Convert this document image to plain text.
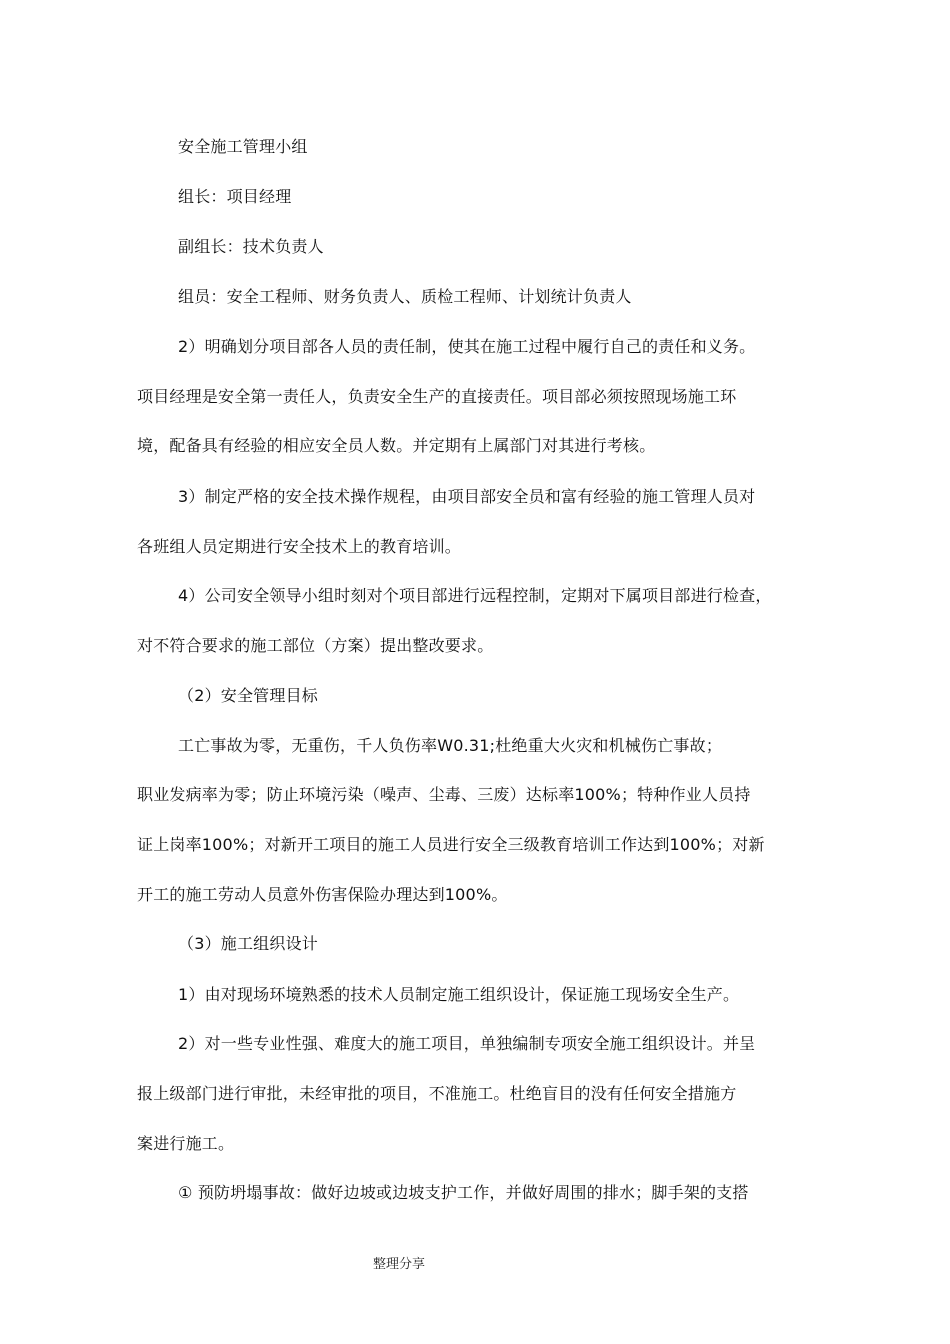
安全施工管理小组
组长：项目经理
副组长：技术负责人
组员：安全工程师、财务负责人、质检工程师、计划统计负责人
2）明确划分项目部各人员的责任制，使其在施工过程中履行自己的责任和义务。
项目经理是安全第一责任人，负责安全生产的直接责任。项目部必须按照现场施工环
境，配备具有经验的相应安全员人数。并定期有上属部门对其进行考核。
3）制定严格的安全技术操作规程，由项目部安全员和富有经验的施工管理人员对
各班组人员定期进行安全技术上的教育培训。
4）公司安全领导小组时刻对个项目部进行远程控制，定期对下属项目部进行检查，
对不符合要求的施工部位（方案）提出整改要求。
（2）安全管理目标
工亡事故为零，无重伤，千人负伤率W0.31;杜绝重大火灾和机械伤亡事故；
职业发病率为零；防止环境污染（噪声、尘毒、三废）达标率100%；特种作业人员持
证上岗率100%；对新开工项目的施工人员进行安全三级教育培训工作达到100%；对新
开工的施工劳动人员意外伤害保险办理达到100%。
（3）施工组织设计
1）由对现场环境熟悉的技术人员制定施工组织设计，保证施工现场安全生产。
2）对一些专业性强、难度大的施工项目，单独编制专项安全施工组织设计。并呈
报上级部门进行审批，未经审批的项目，不准施工。杜绝盲目的没有任何安全措施方
案进行施工。
① 预防坍塌事故：做好边坡或边坡支护工作，并做好周围的排水；脚手架的支搭
整理分享
